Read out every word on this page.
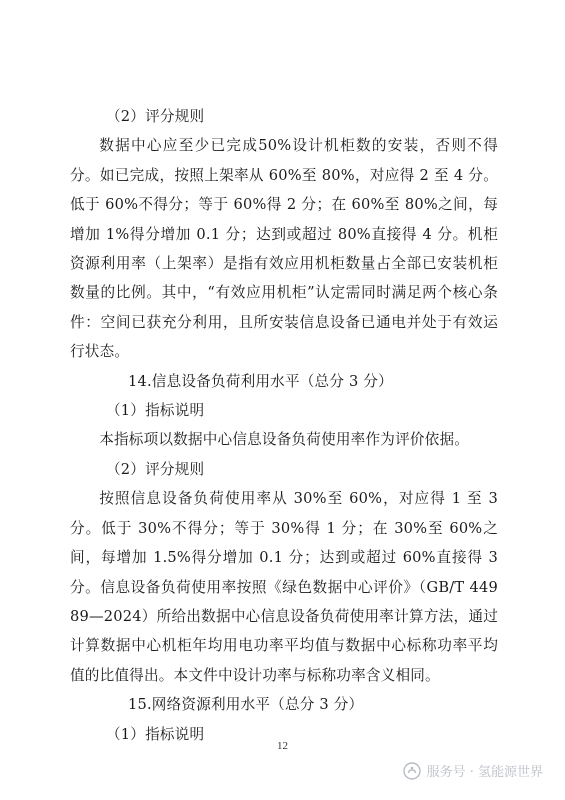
（2）评分规则

数据中心应至少已完成50%设计机柜数的安装，否则不得分。如已完成，按照上架率从 60%至 80%，对应得 2 至 4 分。低于 60%不得分；等于 60%得 2 分；在 60%至 80%之间，每增加 1%得分增加 0.1 分；达到或超过 80%直接得 4 分。机柜资源利用率（上架率）是指有效应用机柜数量占全部已安装机柜数量的比例。其中，“有效应用机柜”认定需同时满足两个核心条件：空间已获充分利用，且所安装信息设备已通电并处于有效运行状态。

14.信息设备负荷利用水平（总分 3 分）

（1）指标说明

本指标项以数据中心信息设备负荷使用率作为评价依据。

（2）评分规则

按照信息设备负荷使用率从 30%至 60%，对应得 1 至 3 分。低于 30%不得分；等于 30%得 1 分；在 30%至 60%之间，每增加 1.5%得分增加 0.1 分；达到或超过 60%直接得 3 分。信息设备负荷使用率按照《绿色数据中心评价》（GB/T 44989—2024）所给出数据中心信息设备负荷使用率计算方法，通过计算数据中心机柜年均用电功率平均值与数据中心标称功率平均值的比值得出。本文件中设计功率与标称功率含义相同。

15.网络资源利用水平（总分 3 分）

（1）指标说明

12
服务号 · 氢能源世界
